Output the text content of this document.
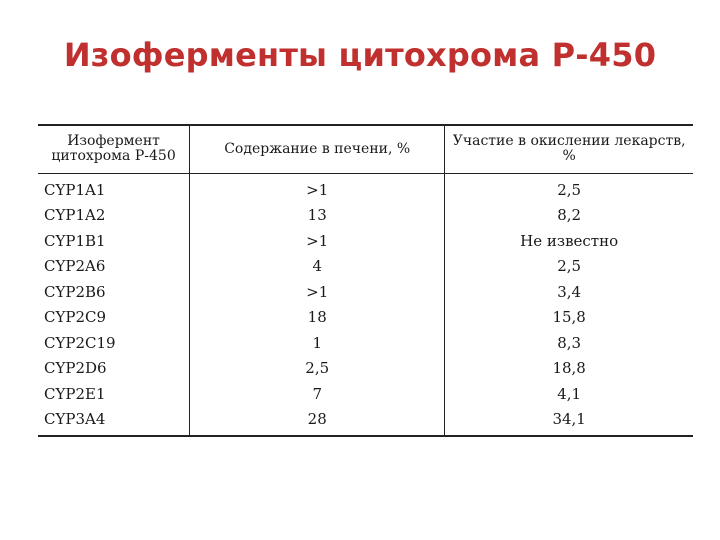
Изоферменты цитохрома Р-450
Изофермент цитохрома Р-450	Содержание в печени, %	Участие в окислении лекарств, %
CYP1A1	>1	2,5
CYP1A2	13	8,2
CYP1B1	>1	Не известно
CYP2A6	4	2,5
CYP2B6	>1	3,4
CYP2C9	18	15,8
CYP2C19	1	8,3
CYP2D6	2,5	18,8
CYP2E1	7	4,1
CYP3A4	28	34,1
